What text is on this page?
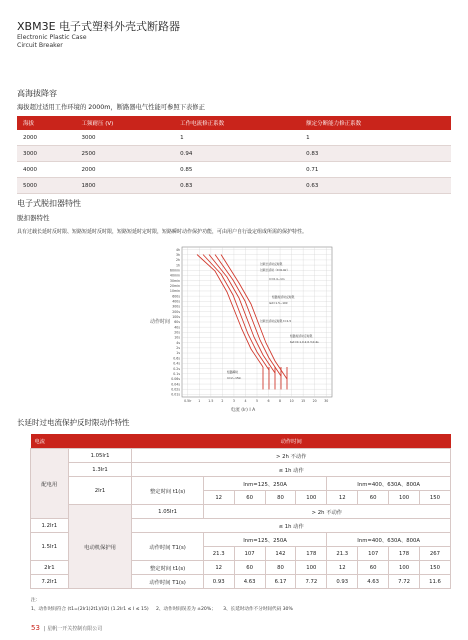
XBM3E 电子式塑料外壳式断路器
Electronic Plastic Case
Circuit Breaker
高海拔降容
海拔超过适用工作环境的 2000m，断路器电气性能可参照下表修正
海拔	工频耐压 (V)	工作电流修正系数	额定分断能力修正系数
2000	3000	1	1
3000	2500	0.94	0.83
4000	2000	0.85	0.71
5000	1800	0.83	0.63
电子式脱扣器特性
脱扣器特性
具有过载长延时反时限、短路短延时反时限，短路短延时定时限，短路瞬时动作保护功能，可由用户自行设定组成所需的保护特性。
4h
3h
2h
1h
60min
40min
30min
20min
10min
600s
400s
300s
200s
100s
60s
40s
20s
10s
4s
2s
1s
0.6s
0.4s
0.2s
0.1s
0.06s
0.04s
0.02s
0.01s
0.5Ir 1 1.5 2	3	4	5	6	8	10 15 20 30
过载长延时反时限
过载长延时（t=6.4Ir）
Ir=0.4~1In
短路短延时反时限
Isd=1.5~10Ir
过载长延时反时限 t=1.5
短路短延时定时限
tsd=0.1,0.2,0.3,0.4s
短路瞬时
Ii=2~15In
动作时间
电流 (Ir) I A
长延时过电流保护反时限动作特性
电流		动作时间								
配电用	1.05Ir1	> 2h 不动作								
	1.3Ir1	≤ 1h 动作								
	2Ir1	整定时间 t1(s)	Inm=125、250A				Inm=400、630A、800A			
			12	60	80	100	12	60	100	150
	电动机保护用	1.05Ir1	> 2h 不动作							
1.2Ir1		≤ 1h 动作								
1.5Ir1		动作时间 T1(s)	Inm=125、250A				Inm=400、630A、800A			
			21.3	107	142	178	21.3	107	178	267
2Ir1		整定时间 t1(s)	12	60	80	100	12	60	100	150
7.2Ir1		动作时间 T1(s)	0.93	4.63	6.17	7.72	0.93	4.63	7.72	11.6
注：
1、动作时间符合 (t1=(2Ir1)2t1)/(I2) (1.2Ir1 ≤ I ≤ 15) 2、动作时间误差为 ±20%； 3、长延时动作不分时间代码 30%
53 | 星帆一开关控制有限公司
